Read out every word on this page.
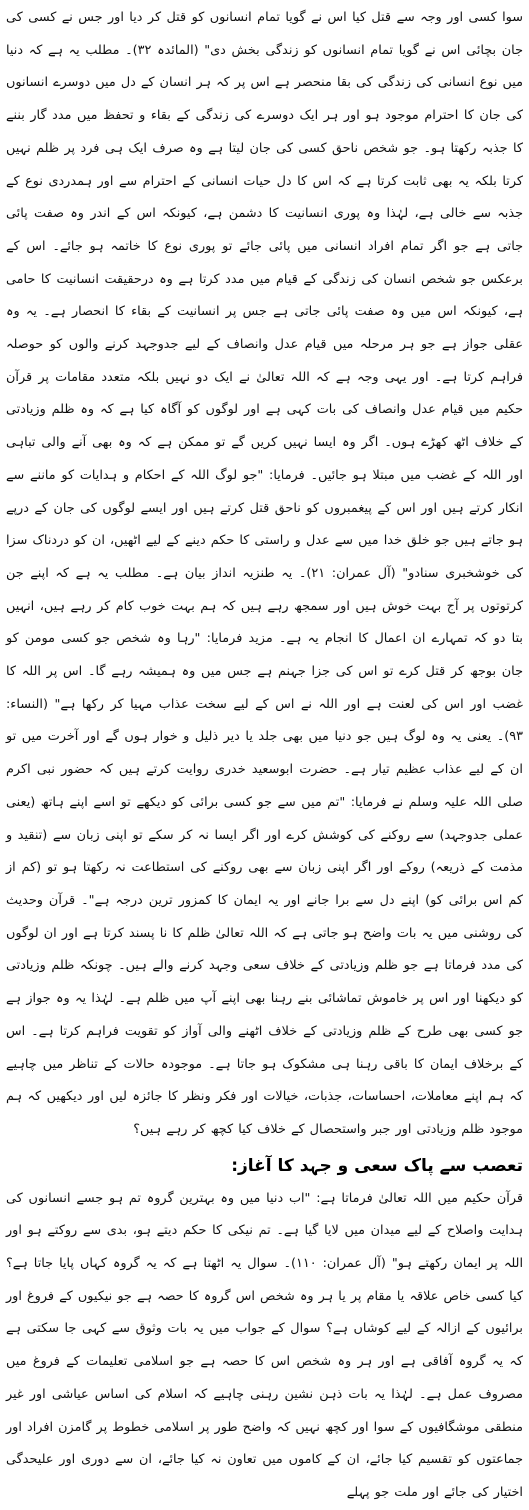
سوا کسی اور وجہ سے قتل کیا اس نے گویا تمام انسانوں کو قتل کر دیا اور جس نے کسی کی جان بچائی اس نے گویا تمام انسانوں کو زندگی بخش دی" (المائدہ ۳۲)۔ مطلب یہ ہے کہ دنیا میں نوع انسانی کی زندگی کی بقا منحصر ہے اس پر کہ ہر انسان کے دل میں دوسرے انسانوں کی جان کا احترام موجود ہو اور ہر ایک دوسرے کی زندگی کے بقاء و تحفظ میں مدد گار بننے کا جذبہ رکھتا ہو۔ جو شخص ناحق کسی کی جان لیتا ہے وہ صرف ایک ہی فرد پر ظلم نہیں کرتا بلکہ یہ بھی ثابت کرتا ہے کہ اس کا دل حیات انسانی کے احترام سے اور ہمدردی نوع کے جذبہ سے خالی ہے، لہٰذا وہ پوری انسانیت کا دشمن ہے، کیونکہ اس کے اندر وہ صفت پائی جاتی ہے جو اگر تمام افراد انسانی میں پائی جائے تو پوری نوع کا خاتمہ ہو جائے۔ اس کے برعکس جو شخص انسان کی زندگی کے قیام میں مدد کرتا ہے وہ درحقیقت انسانیت کا حامی ہے، کیونکہ اس میں وہ صفت پائی جاتی ہے جس پر انسانیت کے بقاء کا انحصار ہے۔ یہ وہ عقلی جواز ہے جو ہر مرحلہ میں قیام عدل وانصاف کے لیے جدوجہد کرنے والوں کو حوصلہ فراہم کرتا ہے۔ اور یہی وجہ ہے کہ اللہ تعالیٰ نے ایک دو نہیں بلکہ متعدد مقامات پر قرآن حکیم میں قیام عدل وانصاف کی بات کہی ہے اور لوگوں کو آگاہ کیا ہے کہ وہ ظلم وزیادتی کے خلاف اٹھ کھڑے ہوں۔ اگر وہ ایسا نہیں کریں گے تو ممکن ہے کہ وہ بھی آنے والی تباہی اور اللہ کے غضب میں مبتلا ہو جائیں۔ فرمایا: "جو لوگ اللہ کے احکام و ہدایات کو ماننے سے انکار کرتے ہیں اور اس کے پیغمبروں کو ناحق قتل کرتے ہیں اور ایسے لوگوں کی جان کے درپے ہو جاتے ہیں جو خلق خدا میں سے عدل و راستی کا حکم دینے کے لیے اٹھیں، ان کو دردناک سزا کی خوشخبری سنادو" (آل عمران: ۲۱)۔ یہ طنزیہ انداز بیان ہے۔ مطلب یہ ہے کہ اپنے جن کرتوتوں پر آج بہت خوش ہیں اور سمجھ رہے ہیں کہ ہم بہت خوب کام کر رہے ہیں، انہیں بتا دو کہ تمہارے ان اعمال کا انجام یہ ہے۔ مزید فرمایا: "رہا وہ شخص جو کسی مومن کو جان بوجھ کر قتل کرے تو اس کی جزا جہنم ہے جس میں وہ ہمیشہ رہے گا۔ اس پر اللہ کا غضب اور اس کی لعنت ہے اور اللہ نے اس کے لیے سخت عذاب مہیا کر رکھا ہے" (النساء: ۹۳)۔ یعنی یہ وہ لوگ ہیں جو دنیا میں بھی جلد یا دیر ذلیل و خوار ہوں گے اور آخرت میں تو ان کے لیے عذاب عظیم تیار ہے۔ حضرت ابوسعید خدری روایت کرتے ہیں کہ حضور نبی اکرم صلی اللہ علیہ وسلم نے فرمایا: "تم میں سے جو کسی برائی کو دیکھے تو اسے اپنے ہاتھ (یعنی عملی جدوجہد) سے روکنے کی کوشش کرے اور اگر ایسا نہ کر سکے تو اپنی زبان سے (تنقید و مذمت کے ذریعہ) روکے اور اگر اپنی زبان سے بھی روکنے کی استطاعت نہ رکھتا ہو تو (کم از کم اس برائی کو) اپنے دل سے برا جانے اور یہ ایمان کا کمزور ترین درجہ ہے"۔ قرآن وحدیث کی روشنی میں یہ بات واضح ہو جاتی ہے کہ اللہ تعالیٰ ظلم کا نا پسند کرتا ہے اور ان لوگوں کی مدد فرماتا ہے جو ظلم وزیادتی کے خلاف سعی وجہد کرنے والے ہیں۔ چونکہ ظلم وزیادتی کو دیکھنا اور اس پر خاموش تماشائی بنے رہنا بھی اپنے آپ میں ظلم ہے۔ لہٰذا یہ وہ جواز ہے جو کسی بھی طرح کے ظلم وزیادتی کے خلاف اٹھنے والی آواز کو تقویت فراہم کرتا ہے۔ اس کے برخلاف ایمان کا باقی رہنا ہی مشکوک ہو جاتا ہے۔ موجودہ حالات کے تناظر میں چاہیے کہ ہم اپنے معاملات، احساسات، جذبات، خیالات اور فکر ونظر کا جائزہ لیں اور دیکھیں کہ ہم موجود ظلم وزیادتی اور جبر واستحصال کے خلاف کیا کچھ کر رہے ہیں؟

تعصب سے پاک سعی و جہد کا آغاز:

قرآن حکیم میں اللہ تعالیٰ فرماتا ہے: "اب دنیا میں وہ بہترین گروہ تم ہو جسے انسانوں کی ہدایت واصلاح کے لیے میدان میں لایا گیا ہے۔ تم نیکی کا حکم دیتے ہو، بدی سے روکتے ہو اور اللہ پر ایمان رکھتے ہو" (آل عمران: ۱۱۰)۔ سوال یہ اٹھتا ہے کہ یہ گروہ کہاں پایا جاتا ہے؟ کیا کسی خاص علاقہ یا مقام پر یا ہر وہ شخص اس گروہ کا حصہ ہے جو نیکیوں کے فروغ اور برائیوں کے ازالہ کے لیے کوشاں ہے؟ سوال کے جواب میں یہ بات وثوق سے کہی جا سکتی ہے کہ یہ گروہ آفاقی ہے اور ہر وہ شخص اس کا حصہ ہے جو اسلامی تعلیمات کے فروغ میں مصروف عمل ہے۔ لہٰذا یہ بات ذہن نشین رہنی چاہیے کہ اسلام کی اساس عیاشی اور غیر منطقی موشگافیوں کے سوا اور کچھ نہیں کہ واضح طور پر اسلامی خطوط پر گامزن افراد اور جماعتوں کو تقسیم کیا جائے، ان کے کاموں میں تعاون نہ کیا جائے، ان سے دوری اور علیحدگی اختیار کی جائے اور ملت جو پہلے
